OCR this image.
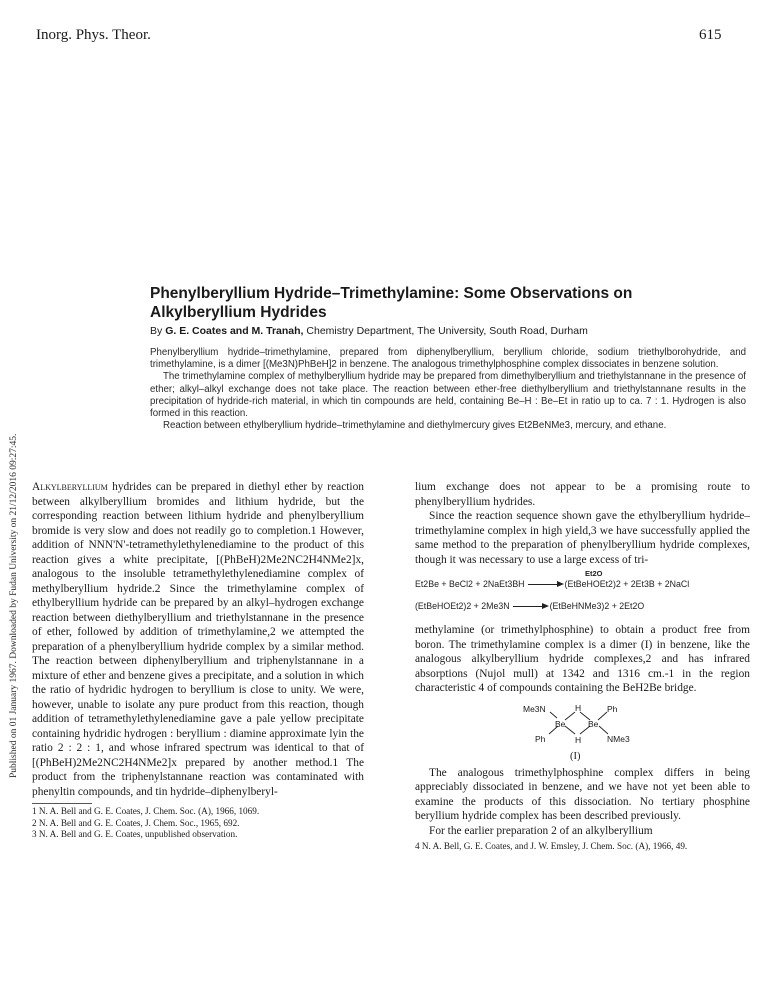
Inorg. Phys. Theor.	615
Published on 01 January 1967. Downloaded by Fudan University on 21/12/2016 09:27:45.
Phenylberyllium Hydride–Trimethylamine: Some Observations on Alkylberyllium Hydrides
By G. E. Coates and M. Tranah, Chemistry Department, The University, South Road, Durham

Phenylberyllium hydride–trimethylamine, prepared from diphenylberyllium, beryllium chloride, sodium triethylborohydride, and trimethylamine, is a dimer [(Me3N)PhBeH]2 in benzene. The analogous trimethylphosphine complex dissociates in benzene solution.

The trimethylamine complex of methylberyllium hydride may be prepared from dimethylberyllium and triethylstannane in the presence of ether; alkyl–alkyl exchange does not take place. The reaction between ether-free diethylberyllium and triethylstannane results in the precipitation of hydride-rich material, in which tin compounds are held, containing Be–H : Be–Et in ratio up to ca. 7 : 1. Hydrogen is also formed in this reaction.

Reaction between ethylberyllium hydride–trimethylamine and diethylmercury gives Et2BeNMe3, mercury, and ethane.

Alkylberyllium hydrides can be prepared in diethyl ether by reaction between alkylberyllium bromides and lithium hydride, but the corresponding reaction between lithium hydride and phenylberyllium bromide is very slow and does not readily go to completion.1 However, addition of NNN'N'-tetramethylethylenediamine to the product of this reaction gives a white precipitate, [(PhBeH)2Me2NC2H4NMe2]x, analogous to the insoluble tetramethylethylenediamine complex of methylberyllium hydride.2 Since the trimethylamine complex of ethylberyllium hydride can be prepared by an alkyl–hydrogen exchange reaction between diethylberyllium and triethylstannane in the presence of ether, followed by addition of trimethylamine,2 we attempted the preparation of a phenylberyllium hydride complex by a similar method. The reaction between diphenylberyllium and triphenylstannane in a mixture of ether and benzene gives a precipitate, and a solution in which the ratio of hydridic hydrogen to beryllium is close to unity. We were, however, unable to isolate any pure product from this reaction, though addition of tetramethylethylenediamine gave a pale yellow precipitate containing hydridic hydrogen : beryllium : diamine approximate lyin the ratio 2 : 2 : 1, and whose infrared spectrum was identical to that of [(PhBeH)2Me2NC2H4NMe2]x prepared by another method.1 The product from the triphenylstannane reaction was contaminated with phenyltin compounds, and tin hydride–diphenylberyl-

1 N. A. Bell and G. E. Coates, J. Chem. Soc. (A), 1966, 1069.

2 N. A. Bell and G. E. Coates, J. Chem. Soc., 1965, 692.

3 N. A. Bell and G. E. Coates, unpublished observation.

lium exchange does not appear to be a promising route to phenylberyllium hydrides.

Since the reaction sequence shown gave the ethylberyllium hydride–trimethylamine complex in high yield,3 we have successfully applied the same method to the preparation of phenylberyllium hydride complexes, though it was necessary to use a large excess of tri-

Et2O
Et2Be + BeCl2 + 2NaEt3BH	(EtBeHOEt2)2 + 2Et3B + 2NaCl
(EtBeHOEt2)2 + 2Me3N	(EtBeHNMe3)2 + 2Et2O

methylamine (or trimethylphosphine) to obtain a product free from boron. The trimethylamine complex is a dimer (I) in benzene, like the analogous alkylberyllium hydride complexes,2 and has infrared absorptions (Nujol mull) at 1342 and 1316 cm.-1 in the region characteristic 4 of compounds containing the BeH2Be bridge.

Me3N	H	Ph
Be	Be
Ph	H	NMe3
(I)

The analogous trimethylphosphine complex differs in being appreciably dissociated in benzene, and we have not yet been able to examine the products of this dissociation. No tertiary phosphine beryllium hydride complex has been described previously.

For the earlier preparation 2 of an alkylberyllium

4 N. A. Bell, G. E. Coates, and J. W. Emsley, J. Chem. Soc. (A), 1966, 49.
